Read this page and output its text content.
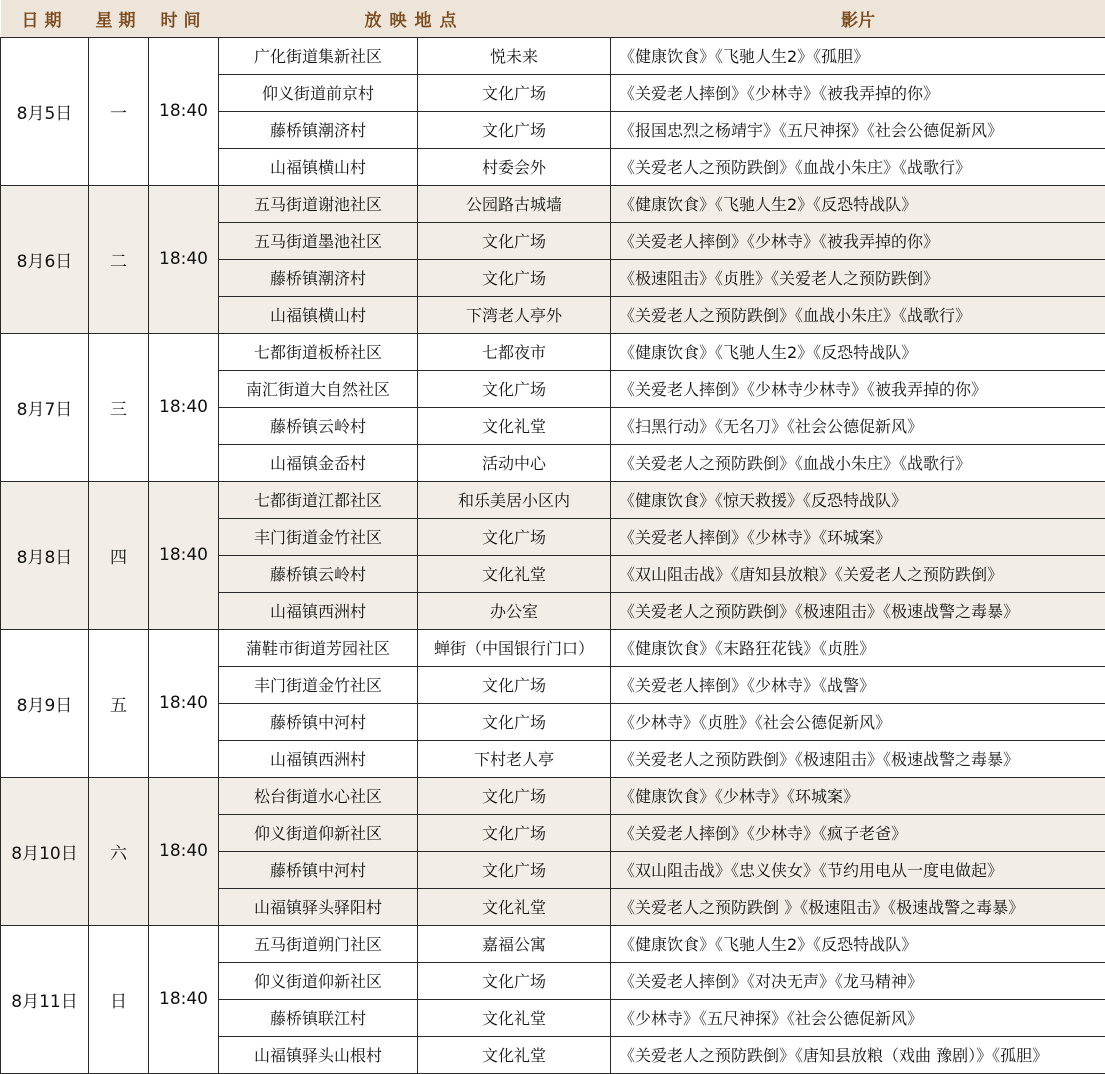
日期	星期	时间	放映地点		影片
8月5日	一	18:40	广化街道集新社区	悦未来	《健康饮食》《飞驰人生2》《孤胆》
			仰义街道前京村	文化广场	《关爱老人摔倒》《少林寺》《被我弄掉的你》
			藤桥镇潮济村	文化广场	《报国忠烈之杨靖宇》《五尺神探》《社会公德促新风》
			山福镇横山村	村委会外	《关爱老人之预防跌倒》《血战小朱庄》《战歌行》
8月6日	二	18:40	五马街道谢池社区	公园路古城墙	《健康饮食》《飞驰人生2》《反恐特战队》
			五马街道墨池社区	文化广场	《关爱老人摔倒》《少林寺》《被我弄掉的你》
			藤桥镇潮济村	文化广场	《极速阻击》《贞胜》《关爱老人之预防跌倒》
			山福镇横山村	下湾老人亭外	《关爱老人之预防跌倒》《血战小朱庄》《战歌行》
8月7日	三	18:40	七都街道板桥社区	七都夜市	《健康饮食》《飞驰人生2》《反恐特战队》
			南汇街道大自然社区	文化广场	《关爱老人摔倒》《少林寺少林寺》《被我弄掉的你》
			藤桥镇云岭村	文化礼堂	《扫黑行动》《无名刀》《社会公德促新风》
			山福镇金岙村	活动中心	《关爱老人之预防跌倒》《血战小朱庄》《战歌行》
8月8日	四	18:40	七都街道江都社区	和乐美居小区内	《健康饮食》《惊天救援》《反恐特战队》
			丰门街道金竹社区	文化广场	《关爱老人摔倒》《少林寺》《环城案》
			藤桥镇云岭村	文化礼堂	《双山阻击战》《唐知县放粮》《关爱老人之预防跌倒》
			山福镇西洲村	办公室	《关爱老人之预防跌倒》《极速阻击》《极速战警之毒暴》
8月9日	五	18:40	蒲鞋市街道芳园社区	蝉街（中国银行门口）	《健康饮食》《末路狂花钱》《贞胜》
			丰门街道金竹社区	文化广场	《关爱老人摔倒》《少林寺》《战警》
			藤桥镇中河村	文化广场	《少林寺》《贞胜》《社会公德促新风》
			山福镇西洲村	下村老人亭	《关爱老人之预防跌倒》《极速阻击》《极速战警之毒暴》
8月10日	六	18:40	松台街道水心社区	文化广场	《健康饮食》《少林寺》《环城案》
			仰义街道仰新社区	文化广场	《关爱老人摔倒》《少林寺》《疯子老爸》
			藤桥镇中河村	文化广场	《双山阻击战》《忠义侠女》《节约用电从一度电做起》
			山福镇驿头驿阳村	文化礼堂	《关爱老人之预防跌倒 》《极速阻击》《极速战警之毒暴》
8月11日	日	18:40	五马街道朔门社区	嘉福公寓	《健康饮食》《飞驰人生2》《反恐特战队》
			仰义街道仰新社区	文化广场	《关爱老人摔倒》《对决无声》《龙马精神》
			藤桥镇联江村	文化礼堂	《少林寺》《五尺神探》《社会公德促新风》
			山福镇驿头山根村	文化礼堂	《关爱老人之预防跌倒》《唐知县放粮（戏曲 豫剧）》《孤胆》
